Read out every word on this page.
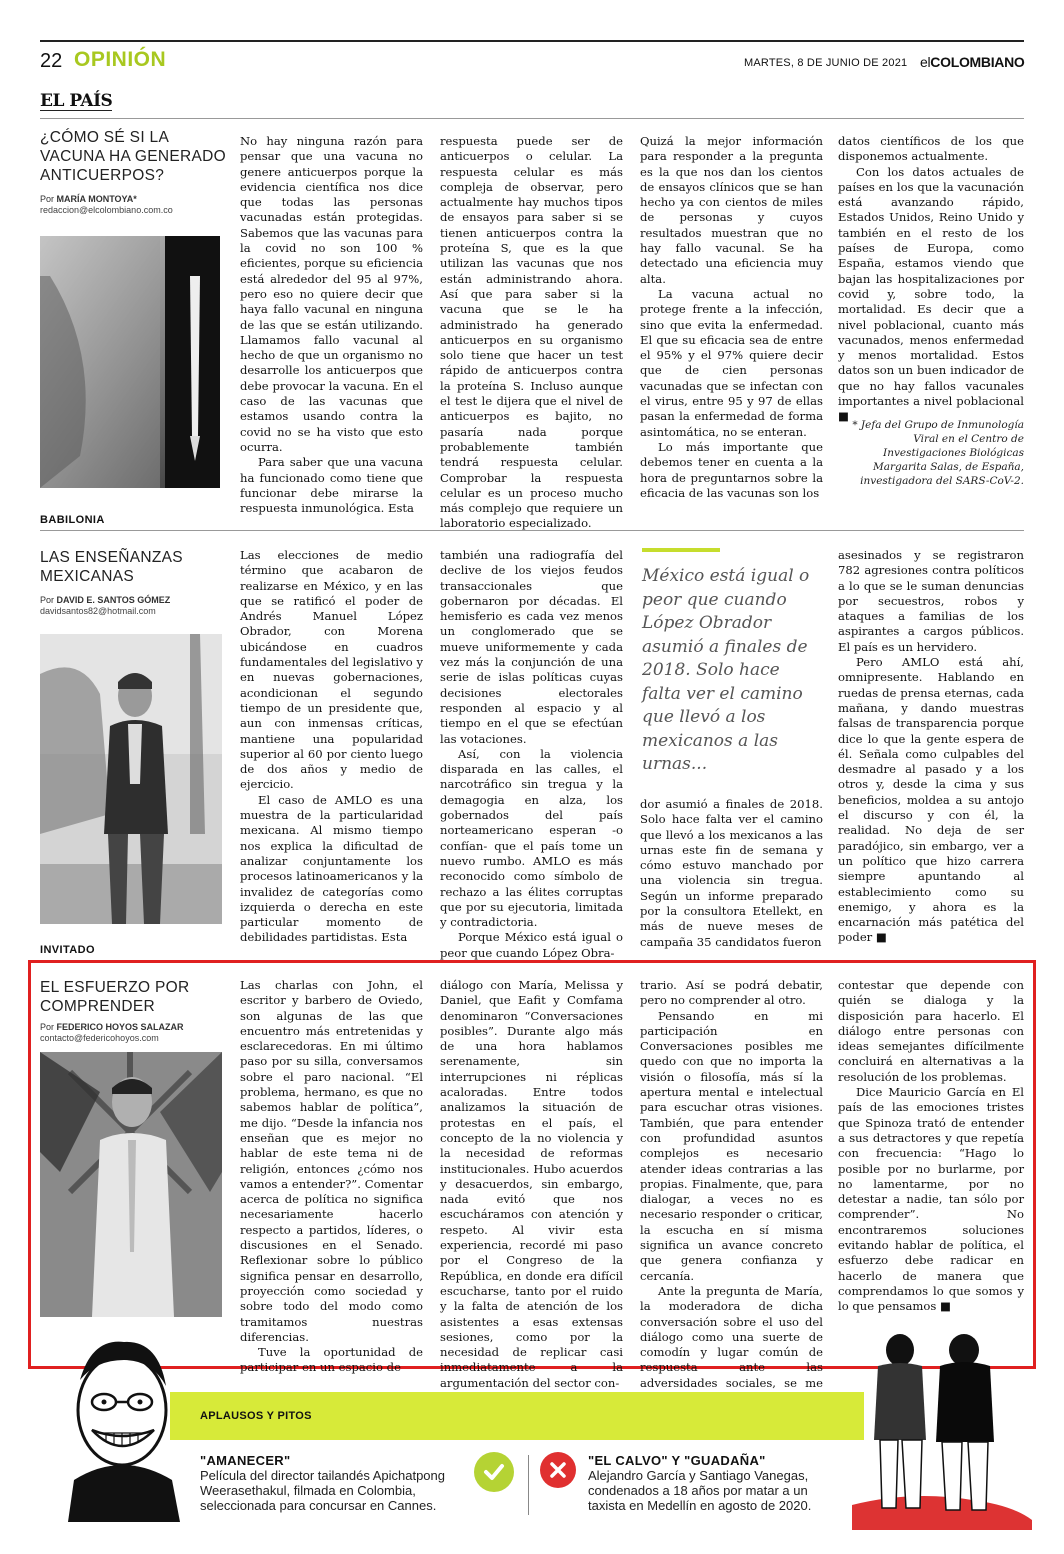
22 OPINIÓN	MARTES, 8 DE JUNIO DE 2021 elCOLOMBIANO
EL PAÍS
¿CÓMO SÉ SI LA
VACUNA HA GENERADO
ANTICUERPOS?
Por MARÍA MONTOYA*
redaccion@elcolombiano.com.co

No hay ninguna razón para pensar que una vacuna no genere anticuerpos porque la evidencia científica nos dice que todas las personas vacunadas están protegidas. Sabemos que las vacunas para la covid no son 100 % eficientes, porque su eficiencia está alrededor del 95 al 97%, pero eso no quiere decir que haya fallo vacunal en ninguna de las que se están utilizando. Llamamos fallo vacunal al hecho de que un organismo no desarrolle los anticuerpos que debe provocar la vacuna. En el caso de las vacunas que estamos usando contra la covid no se ha visto que esto ocurra.

Para saber que una vacuna ha funcionado como tiene que funcionar debe mirarse la respuesta inmunológica. Esta

respuesta puede ser de anticuerpos o celular. La respuesta celular es más compleja de observar, pero actualmente hay muchos tipos de ensayos para saber si se tienen anticuerpos contra la proteína S, que es la que utilizan las vacunas que nos están administrando ahora. Así que para saber si la vacuna que se le ha administrado ha generado anticuerpos en su organismo solo tiene que hacer un test rápido de anticuerpos contra la proteína S. Incluso aunque el test le dijera que el nivel de anticuerpos es bajito, no pasaría nada porque probablemente también tendrá respuesta celular. Comprobar la respuesta celular es un proceso mucho más complejo que requiere un laboratorio especializado.

Quizá la mejor información para responder a la pregunta es la que nos dan los cientos de ensayos clínicos que se han hecho ya con cientos de miles de personas y cuyos resultados muestran que no hay fallo vacunal. Se ha detectado una eficiencia muy alta.

La vacuna actual no protege frente a la infección, sino que evita la enfermedad. El que su eficacia sea de entre el 95% y el 97% quiere decir que de cien personas vacunadas que se infectan con el virus, entre 95 y 97 de ellas pasan la enfermedad de forma asintomática, no se enteran.

Lo más importante que debemos tener en cuenta a la hora de preguntarnos sobre la eficacia de las vacunas son los

datos científicos de los que disponemos actualmente.

Con los datos actuales de países en los que la vacunación está avanzando rápido, Estados Unidos, Reino Unido y también en el resto de los países de Europa, como España, estamos viendo que bajan las hospitalizaciones por covid y, sobre todo, la mortalidad. Es decir que a nivel poblacional, cuanto más vacunados, menos enfermedad y menos mortalidad. Estos datos son un buen indicador de que no hay fallos vacunales importantes a nivel poblacional ■

* Jefa del Grupo de Inmunología Viral en el Centro de Investigaciones Biológicas Margarita Salas, de España, investigadora del SARS-CoV-2.
BABILONIA
LAS ENSEÑANZAS
MEXICANAS
Por DAVID E. SANTOS GÓMEZ
davidsantos82@hotmail.com

Las elecciones de medio término que acabaron de realizarse en México, y en las que se ratificó el poder de Andrés Manuel López Obrador, con Morena ubicándose en cuadros fundamentales del legislativo y en nuevas gobernaciones, acondicionan el segundo tiempo de un presidente que, aun con inmensas críticas, mantiene una popularidad superior al 60 por ciento luego de dos años y medio de ejercicio.

El caso de AMLO es una muestra de la particularidad mexicana. Al mismo tiempo nos explica la dificultad de analizar conjuntamente los procesos latinoamericanos y la invalidez de categorías como izquierda o derecha en este particular momento de debilidades partidistas. Esta

también una radiografía del declive de los viejos feudos transaccionales que gobernaron por décadas. El hemisferio es cada vez menos un conglomerado que se mueve uniformemente y cada vez más la conjunción de una serie de islas políticas cuyas decisiones electorales responden al espacio y al tiempo en el que se efectúan las votaciones.

Así, con la violencia disparada en las calles, el narcotráfico sin tregua y la demagogia en alza, los gobernados del país norteamericano esperan -o confían- que el país tome un nuevo rumbo. AMLO es más reconocido como símbolo de rechazo a las élites corruptas que por su ejecutoria, limitada y contradictoria.

Porque México está igual o peor que cuando López Obra-

México está igual o peor que cuando López Obrador asumió a finales de 2018. Solo hace falta ver el camino que llevó a los mexicanos a las urnas...

dor asumió a finales de 2018. Solo hace falta ver el camino que llevó a los mexicanos a las urnas este fin de semana y cómo estuvo manchado por una violencia sin tregua. Según un informe preparado por la consultora Etellekt, en más de nueve meses de campaña 35 candidatos fueron

asesinados y se registraron 782 agresiones contra políticos a lo que se le suman denuncias por secuestros, robos y ataques a familias de los aspirantes a cargos públicos. El país es un hervidero.

Pero AMLO está ahí, omnipresente. Hablando en ruedas de prensa eternas, cada mañana, y dando muestras falsas de transparencia porque dice lo que la gente espera de él. Señala como culpables del desmadre al pasado y a los otros y, desde la cima y sus beneficios, moldea a su antojo el discurso y con él, la realidad. No deja de ser paradójico, sin embargo, ver a un político que hizo carrera siempre apuntando al establecimiento como su enemigo, y ahora es la encarnación más patética del poder ■

INVITADO
EL ESFUERZO POR
COMPRENDER
Por FEDERICO HOYOS SALAZAR
contacto@federicohoyos.com

Las charlas con John, el escritor y barbero de Oviedo, son algunas de las que encuentro más entretenidas y esclarecedoras. En mi último paso por su silla, conversamos sobre el paro nacional. “El problema, hermano, es que no sabemos hablar de política”, me dijo. “Desde la infancia nos enseñan que es mejor no hablar de este tema ni de religión, entonces ¿cómo nos vamos a entender?”. Comentar acerca de política no significa necesariamente hacerlo respecto a partidos, líderes, o discusiones en el Senado. Reflexionar sobre lo público significa pensar en desarrollo, proyección como sociedad y sobre todo del modo como tramitamos nuestras diferencias.

Tuve la oportunidad de participar en un espacio de

diálogo con María, Melissa y Daniel, que Eafit y Comfama denominaron “Conversaciones posibles”. Durante algo más de una hora hablamos serenamente, sin interrupciones ni réplicas acaloradas. Entre todos analizamos la situación de protestas en el país, el concepto de la no violencia y la necesidad de reformas institucionales. Hubo acuerdos y desacuerdos, sin embargo, nada evitó que nos escucháramos con atención y respeto. Al vivir esta experiencia, recordé mi paso por el Congreso de la República, en donde era difícil escucharse, tanto por el ruido y la falta de atención de los asistentes a esas extensas sesiones, como por la necesidad de replicar casi inmediatamente a la argumentación del sector con-

trario. Así se podrá debatir, pero no comprender al otro.

Pensando en mi participación en Conversaciones posibles me quedo con que no importa la visión o filosofía, más sí la apertura mental e intelectual para escuchar otras visiones. También, que para entender con profundidad asuntos complejos es necesario atender ideas contrarias a las propias. Finalmente, que, para dialogar, a veces no es necesario responder o criticar, la escucha en sí misma significa un avance concreto que genera confianza y cercanía.

Ante la pregunta de María, la moderadora de dicha conversación sobre el uso del diálogo como una suerte de comodín y lugar común de respuesta ante las adversidades sociales, se me

contestar que depende con quién se dialoga y la disposición para hacerlo. El diálogo entre personas con ideas semejantes difícilmente concluirá en alternativas a la resolución de los problemas.

Dice Mauricio García en El país de las emociones tristes que Spinoza trató de entender a sus detractores y que repetía con frecuencia: “Hago lo posible por no burlarme, por no lamentarme, por no detestar a nadie, tan sólo por comprender”. No encontraremos soluciones evitando hablar de política, el esfuerzo debe radicar en hacerlo de manera que comprendamos lo que somos y lo que pensamos ■

APLAUSOS Y PITOS
"AMANECER"
Película del director tailandés Apichatpong Weerasethakul, filmada en Colombia, seleccionada para concursar en Cannes.
"EL CALVO" Y "GUADAÑA"
Alejandro García y Santiago Vanegas, condenados a 18 años por matar a un taxista en Medellín en agosto de 2020.
